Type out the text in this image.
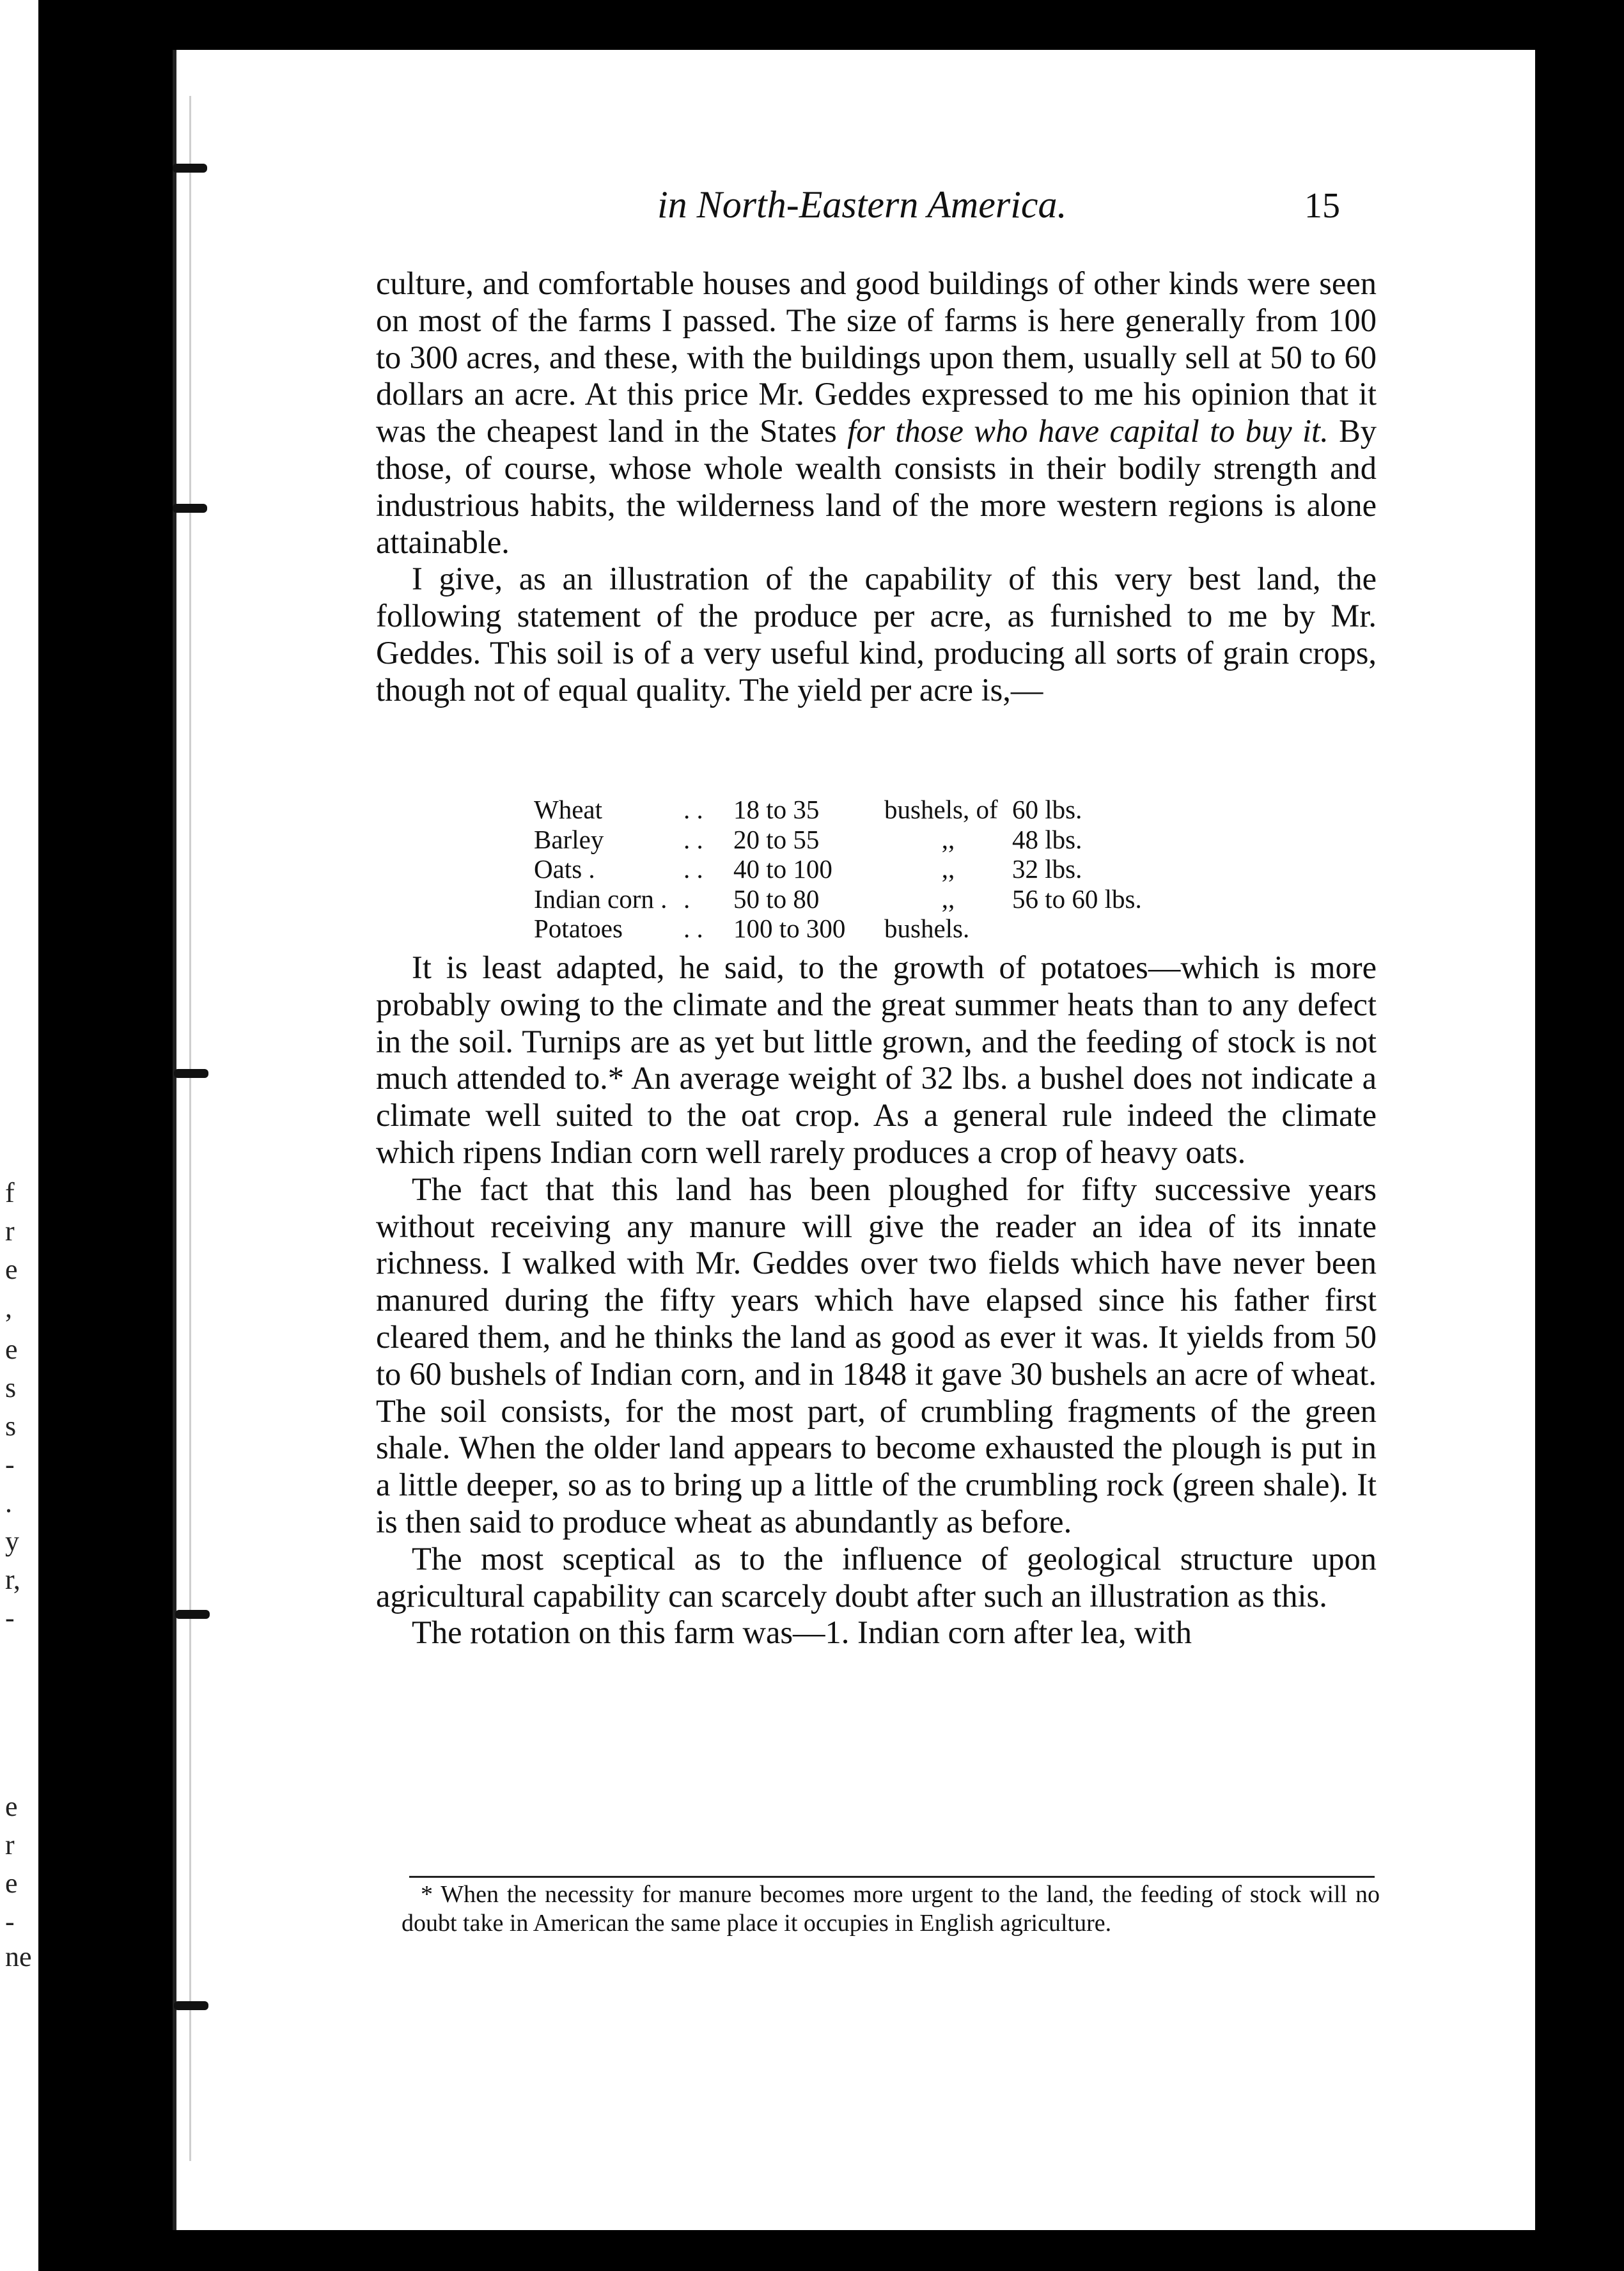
f
r
e
,
e
s
s
-
.
y
r,
-
e
r
e
-
ne
in North-Eastern America.	15

culture, and comfortable houses and good buildings of other kinds were seen on most of the farms I passed. The size of farms is here generally from 100 to 300 acres, and these, with the buildings upon them, usually sell at 50 to 60 dollars an acre. At this price Mr. Geddes expressed to me his opinion that it was the cheapest land in the States for those who have capital to buy it. By those, of course, whose whole wealth consists in their bodily strength and industrious habits, the wilderness land of the more western regions is alone attainable.

I give, as an illustration of the capability of this very best land, the following statement of the produce per acre, as furnished to me by Mr. Geddes. This soil is of a very useful kind, producing all sorts of grain crops, though not of equal quality. The yield per acre is,—

Wheat	. .	18 to 35	bushels, of	60 lbs.
Barley	. .	20 to 55	,,	48 lbs.
Oats .	. .	40 to 100	,,	32 lbs.
Indian corn .	.	50 to 80	,,	56 to 60 lbs.
Potatoes	. .	100 to 300	bushels.	

It is least adapted, he said, to the growth of potatoes—which is more probably owing to the climate and the great summer heats than to any defect in the soil. Turnips are as yet but little grown, and the feeding of stock is not much attended to.* An average weight of 32 lbs. a bushel does not indicate a climate well suited to the oat crop. As a general rule indeed the climate which ripens Indian corn well rarely produces a crop of heavy oats.

The fact that this land has been ploughed for fifty successive years without receiving any manure will give the reader an idea of its innate richness. I walked with Mr. Geddes over two fields which have never been manured during the fifty years which have elapsed since his father first cleared them, and he thinks the land as good as ever it was. It yields from 50 to 60 bushels of Indian corn, and in 1848 it gave 30 bushels an acre of wheat. The soil consists, for the most part, of crumbling fragments of the green shale. When the older land appears to become exhausted the plough is put in a little deeper, so as to bring up a little of the crumbling rock (green shale). It is then said to produce wheat as abundantly as before.

The most sceptical as to the influence of geological structure upon agricultural capability can scarcely doubt after such an illustration as this.

The rotation on this farm was—1. Indian corn after lea, with

* When the necessity for manure becomes more urgent to the land, the feeding of stock will no doubt take in American the same place it occupies in English agriculture.
